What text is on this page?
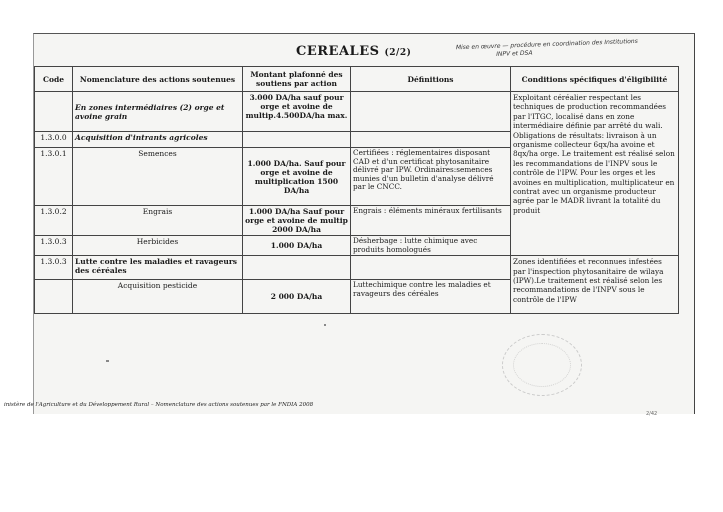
CEREALES (2/2)
Mise en œuvre — procédure en coordination des Institutions
INPV et DSA
Code	Nomenclature des actions soutenues	Montant plafonné des soutiens par action	Définitions	Conditions spécifiques d'éligibilité
	En zones intermédiaires (2) orge et avoine grain	3.000 DA/ha sauf pour orge et avoine de multip.4.500DA/ha max.		Exploitant céréalier respectant les techniques de production recommandées par l'ITGC, localisé dans en zone intermédiaire définie par arrêté du wali. Obligations de résultats: livraison à un organisme collecteur 6qx/ha avoine et 8qx/ha orge. Le traitement est réalisé selon les recommandations de l'INPV sous le contrôle de l'IPW. Pour les orges et les avoines en multiplication, multiplicateur en contrat avec un organisme producteur agrée par le MADR livrant la totalité du produit
1.3.0.0	Acquisition d'intrants agricoles			
1.3.0.1	Semences	1.000 DA/ha. Sauf pour orge et avoine de multiplication 1500 DA/ha	Certifiées : réglementaires disposant CAD et d'un certificat phytosanitaire délivré par IPW. Ordinaires:semences munies d'un bulletin d'analyse délivré par le CNCC.	
1.3.0.2	Engrais	1.000 DA/ha Sauf pour orge et avoine de multip 2000 DA/ha	Engrais : éléments minéraux fertilisants	
1.3.0.3	Herbicides	1.000 DA/ha	Désherbage : lutte chimique avec produits homologués	
1.3.0.3	Lutte contre les maladies et ravageurs des céréales			Zones identifiées et reconnues infestées par l'inspection phytosanitaire de wilaya (IPW).Le traitement est réalisé selon les recommandations de l'INPV sous le contrôle de l'IPW
	Acquisition pesticide	2 000 DA/ha	Luttechimique contre les maladies et ravageurs des céréales	
inistère de l'Agriculture et du Développement Rural – Nomenclature des actions soutenues par le FNDIA 2008
2/42
